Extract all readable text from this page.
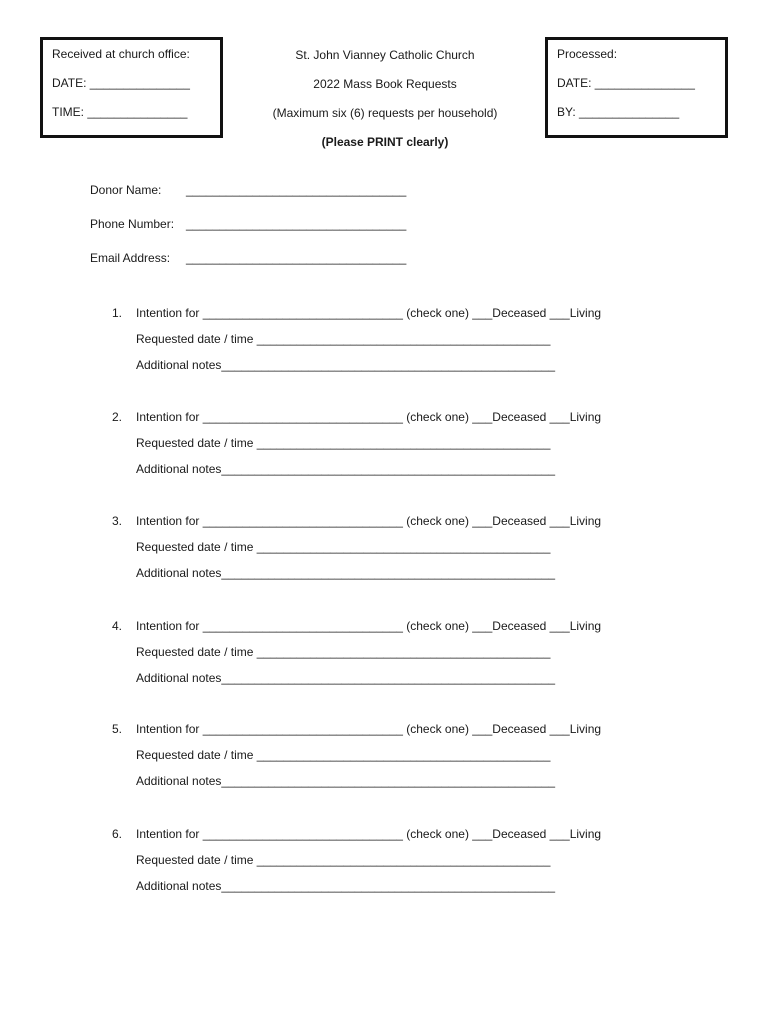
Received at church office:
DATE: _______________
TIME: _______________
Processed:
DATE: _______________
BY: _______________
St. John Vianney Catholic Church
2022 Mass Book Requests
(Maximum six (6) requests per household)
(Please PRINT clearly)
Donor Name: _________________________________
Phone Number: _________________________________
Email Address: _________________________________
1. Intention for ______________________________ (check one) ___Deceased ___Living
Requested date / time ____________________________________________
Additional notes__________________________________________________
2. Intention for ______________________________ (check one) ___Deceased ___Living
Requested date / time ____________________________________________
Additional notes__________________________________________________
3. Intention for ______________________________ (check one) ___Deceased ___Living
Requested date / time ____________________________________________
Additional notes__________________________________________________
4. Intention for ______________________________ (check one) ___Deceased ___Living
Requested date / time ____________________________________________
Additional notes__________________________________________________
5. Intention for ______________________________ (check one) ___Deceased ___Living
Requested date / time ____________________________________________
Additional notes__________________________________________________
6. Intention for ______________________________ (check one) ___Deceased ___Living
Requested date / time ____________________________________________
Additional notes__________________________________________________
